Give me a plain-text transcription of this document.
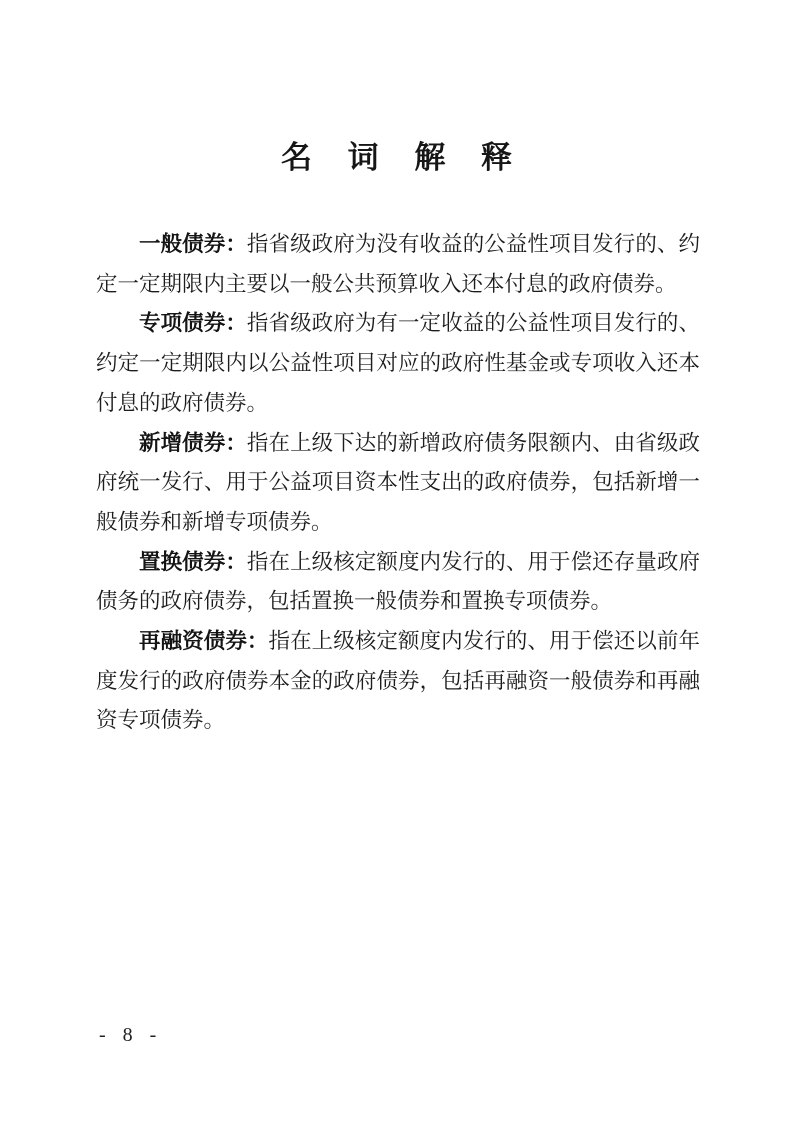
名 词 解 释

一般债券：指省级政府为没有收益的公益性项目发行的、约定一定期限内主要以一般公共预算收入还本付息的政府债券。

专项债券：指省级政府为有一定收益的公益性项目发行的、约定一定期限内以公益性项目对应的政府性基金或专项收入还本付息的政府债券。

新增债券：指在上级下达的新增政府债务限额内、由省级政府统一发行、用于公益项目资本性支出的政府债券，包括新增一般债券和新增专项债券。

置换债券：指在上级核定额度内发行的、用于偿还存量政府债务的政府债券，包括置换一般债券和置换专项债券。

再融资债券：指在上级核定额度内发行的、用于偿还以前年度发行的政府债券本金的政府债券，包括再融资一般债券和再融资专项债券。

- 8 -
